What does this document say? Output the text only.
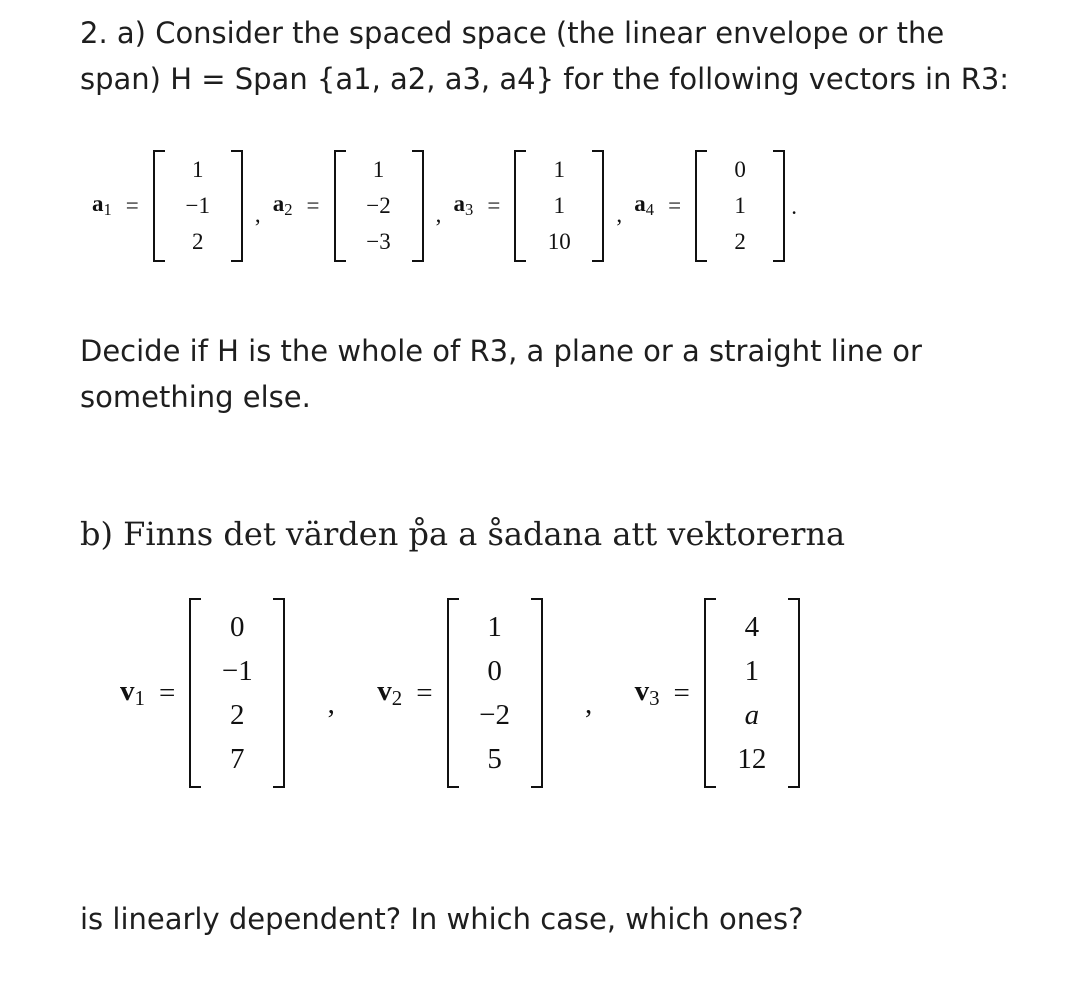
2. a) Consider the spaced space (the linear envelope or the
span) H = Span {a1, a2, a3, a4} for the following vectors in R3:

$a_1$ =
1
−1
2
, $a_2$ =
1
−2
−3
, $a_3$ =
1
1
10
, $a_4$ =
0
1
2
.

Decide if H is the whole of R3, a plane or a straight line or
something else.

b) Finns det värden p̊a a s̊adana att vektorerna

$v_1$ =
0
−1
2
7
,	$v_2$ =
1
0
−2
5
,	$v_3$ =
4
1
a
12

is linearly dependent? In which case, which ones?
